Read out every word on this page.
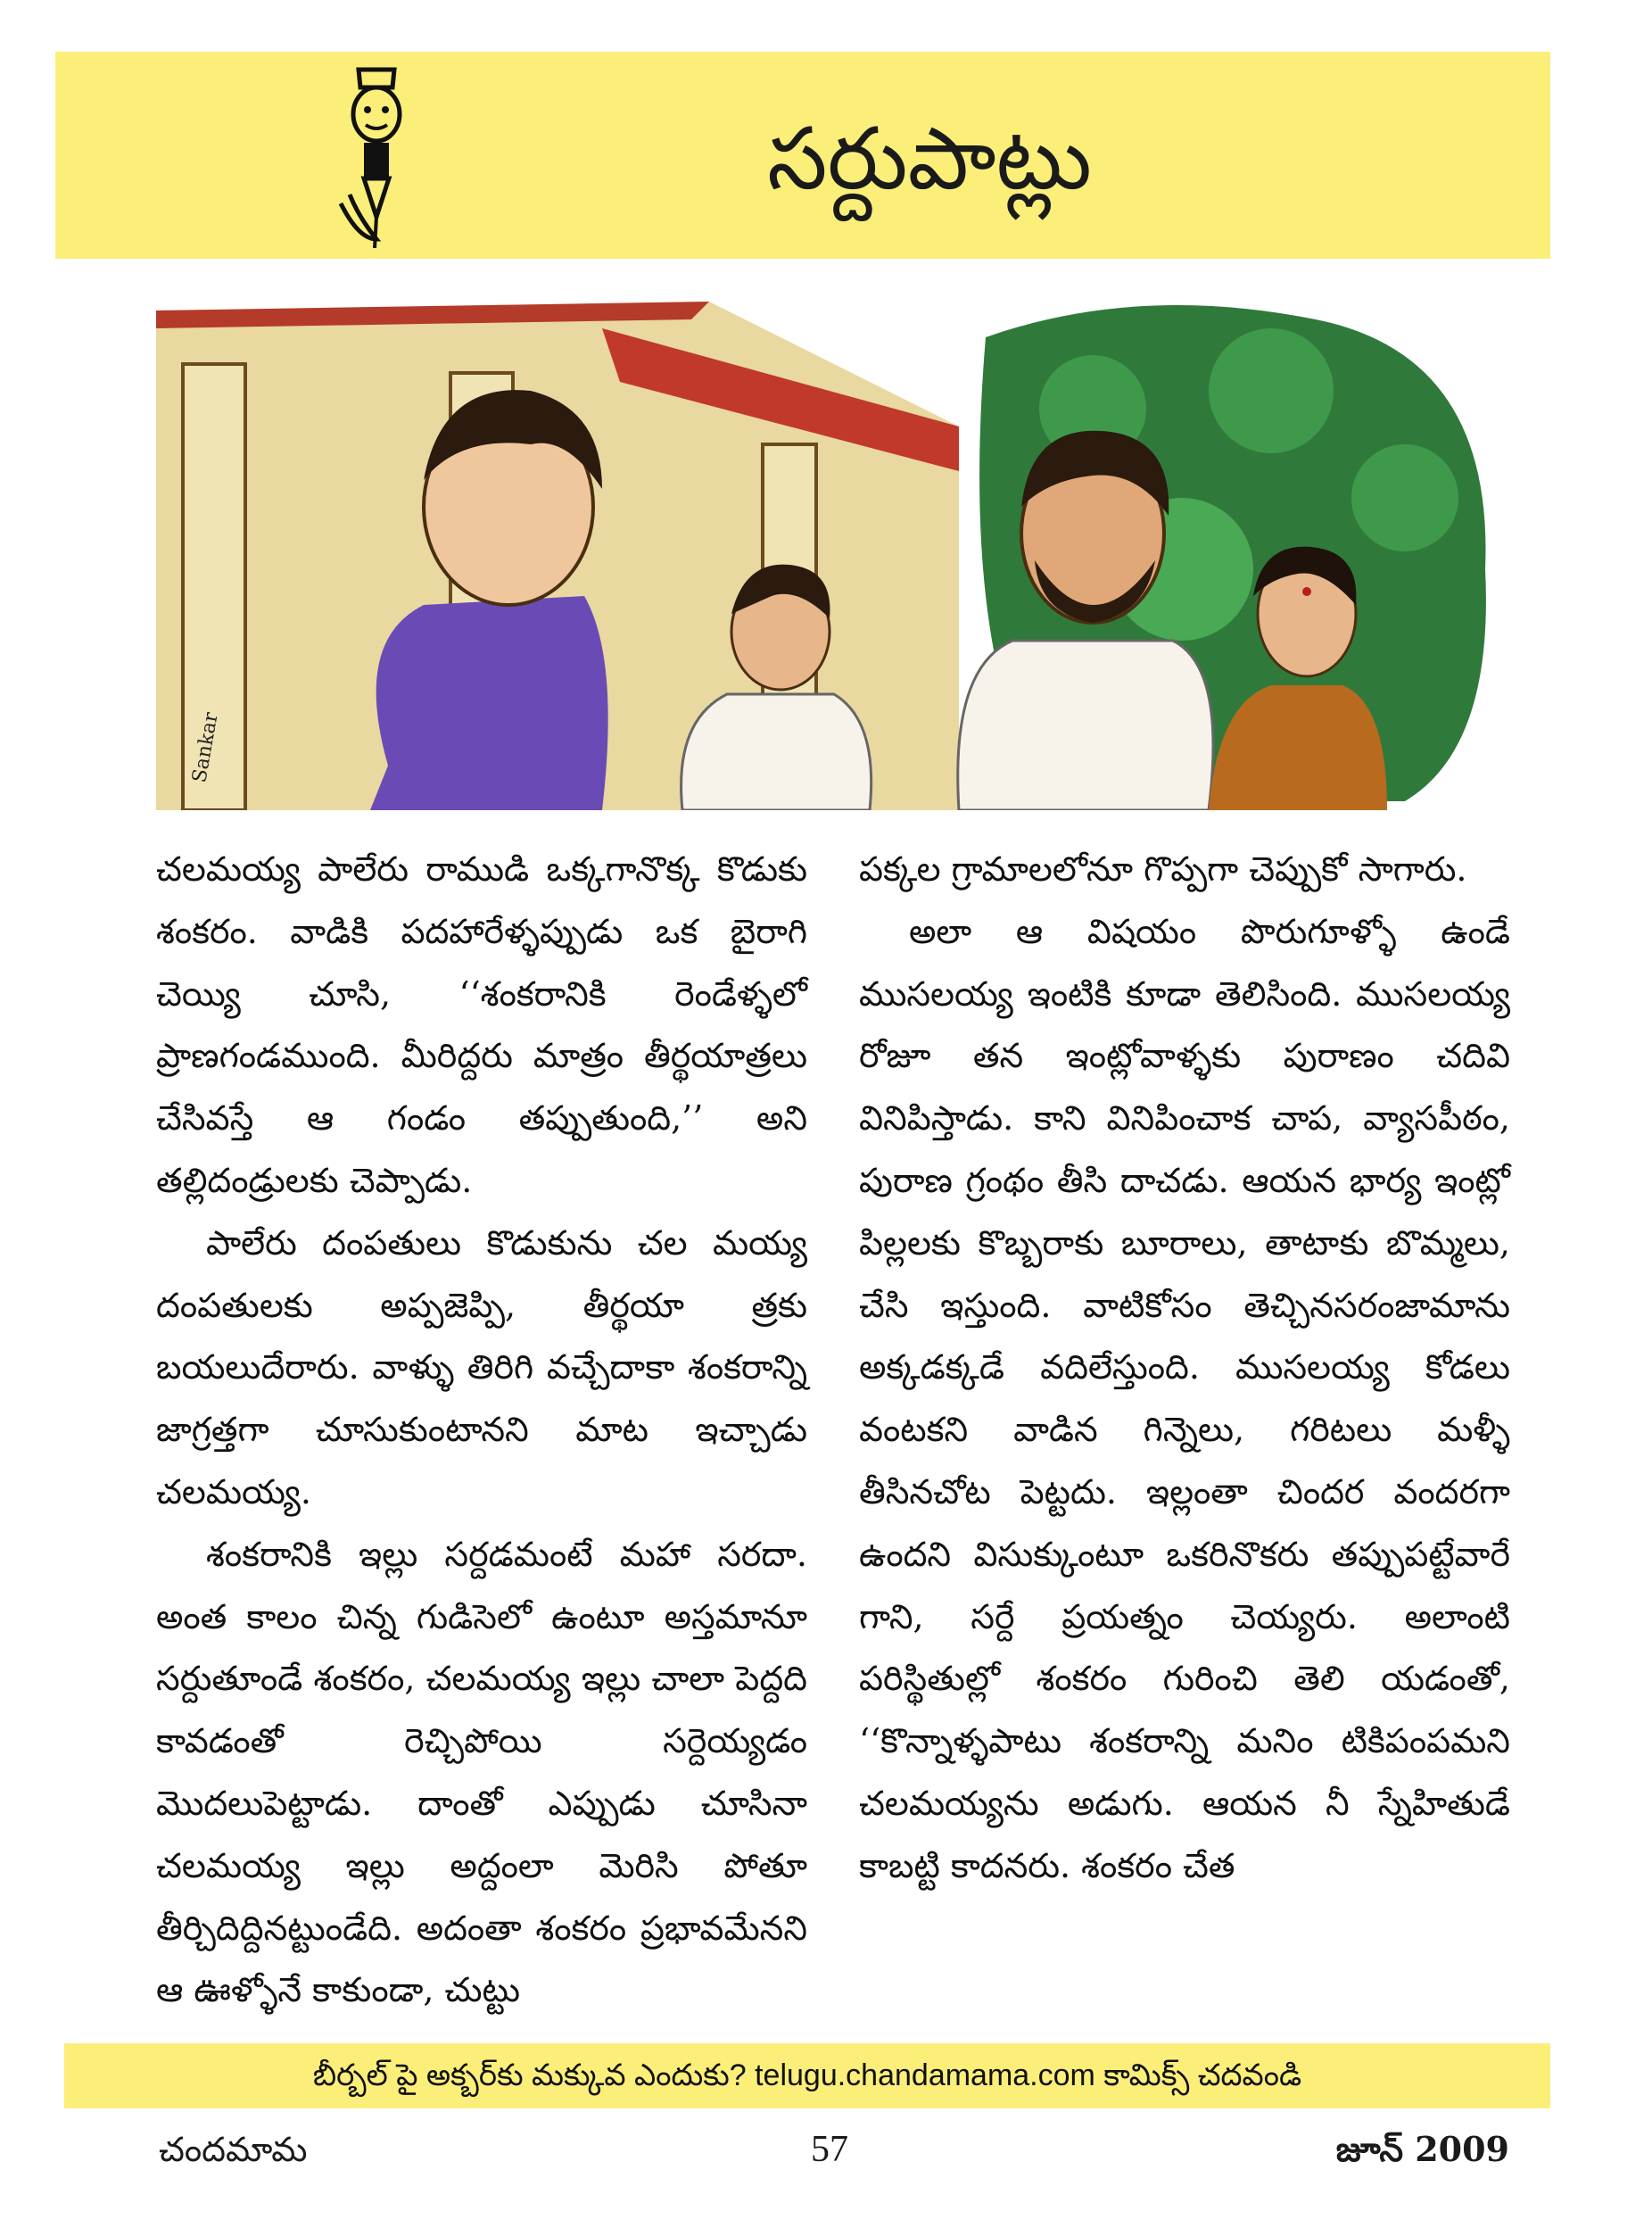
సర్దుపాట్లు
Sankar

చలమయ్య పాలేరు రాముడి ఒక్కగానొక్క కొడుకు శంకరం. వాడికి పదహారేళ్ళప్పుడు ఒక బైరాగి చెయ్యి చూసి, ‘‘శంకరానికి రెండేళ్ళలో ప్రాణగండముంది. మీరిద్దరు మాత్రం తీర్థయాత్రలు చేసివస్తే ఆ గండం తప్పుతుంది,’’ అని తల్లిదండ్రులకు చెప్పాడు.

పాలేరు దంపతులు కొడుకును చల మయ్య దంపతులకు అప్పజెప్పి, తీర్థయా త్రకు బయలుదేరారు. వాళ్ళు తిరిగి వచ్చేదాకా శంకరాన్ని జాగ్రత్తగా చూసుకుంటానని మాట ఇచ్చాడు చలమయ్య.

శంకరానికి ఇల్లు సర్దడమంటే మహా సరదా. అంత కాలం చిన్న గుడిసెలో ఉంటూ అస్తమానూ సర్దుతూండే శంకరం, చలమయ్య ఇల్లు చాలా పెద్దది కావడంతో రెచ్చిపోయి సర్దెయ్యడం మొదలుపెట్టాడు. దాంతో ఎప్పుడు చూసినా చలమయ్య ఇల్లు అద్దంలా మెరిసి పోతూ తీర్చిదిద్దినట్టుండేది. అదంతా శంకరం ప్రభావమేనని ఆ ఊళ్ళోనే కాకుండా, చుట్టు

పక్కల గ్రామాలలోనూ గొప్పగా చెప్పుకో సాగారు.

అలా ఆ విషయం పొరుగూళ్ళో ఉండే ముసలయ్య ఇంటికి కూడా తెలిసింది. ముసలయ్య రోజూ తన ఇంట్లోవాళ్ళకు పురాణం చదివి వినిపిస్తాడు. కాని వినిపించాక చాప, వ్యాసపీఠం, పురాణ గ్రంథం తీసి దాచడు. ఆయన భార్య ఇంట్లో పిల్లలకు కొబ్బరాకు బూరాలు, తాటాకు బొమ్మలు, చేసి ఇస్తుంది. వాటికోసం తెచ్చినసరంజామాను అక్కడక్కడే వదిలేస్తుంది. ముసలయ్య కోడలు వంటకని వాడిన గిన్నెలు, గరిటలు మళ్ళీ తీసినచోట పెట్టదు. ఇల్లంతా చిందర వందరగా ఉందని విసుక్కుంటూ ఒకరినొకరు తప్పుపట్టేవారే గాని, సర్దే ప్రయత్నం చెయ్యరు. అలాంటి పరిస్థితుల్లో శంకరం గురించి తెలి యడంతో, ‘‘కొన్నాళ్ళపాటు శంకరాన్ని మనిం టికిపంపమని చలమయ్యను అడుగు. ఆయన నీ స్నేహితుడే కాబట్టి కాదనరు. శంకరం చేత

బీర్బల్ పై అక్బర్‌కు మక్కువ ఎందుకు? telugu.chandamama.com కామిక్స్ చదవండి
చందమామ	57	జూన్ 2009
